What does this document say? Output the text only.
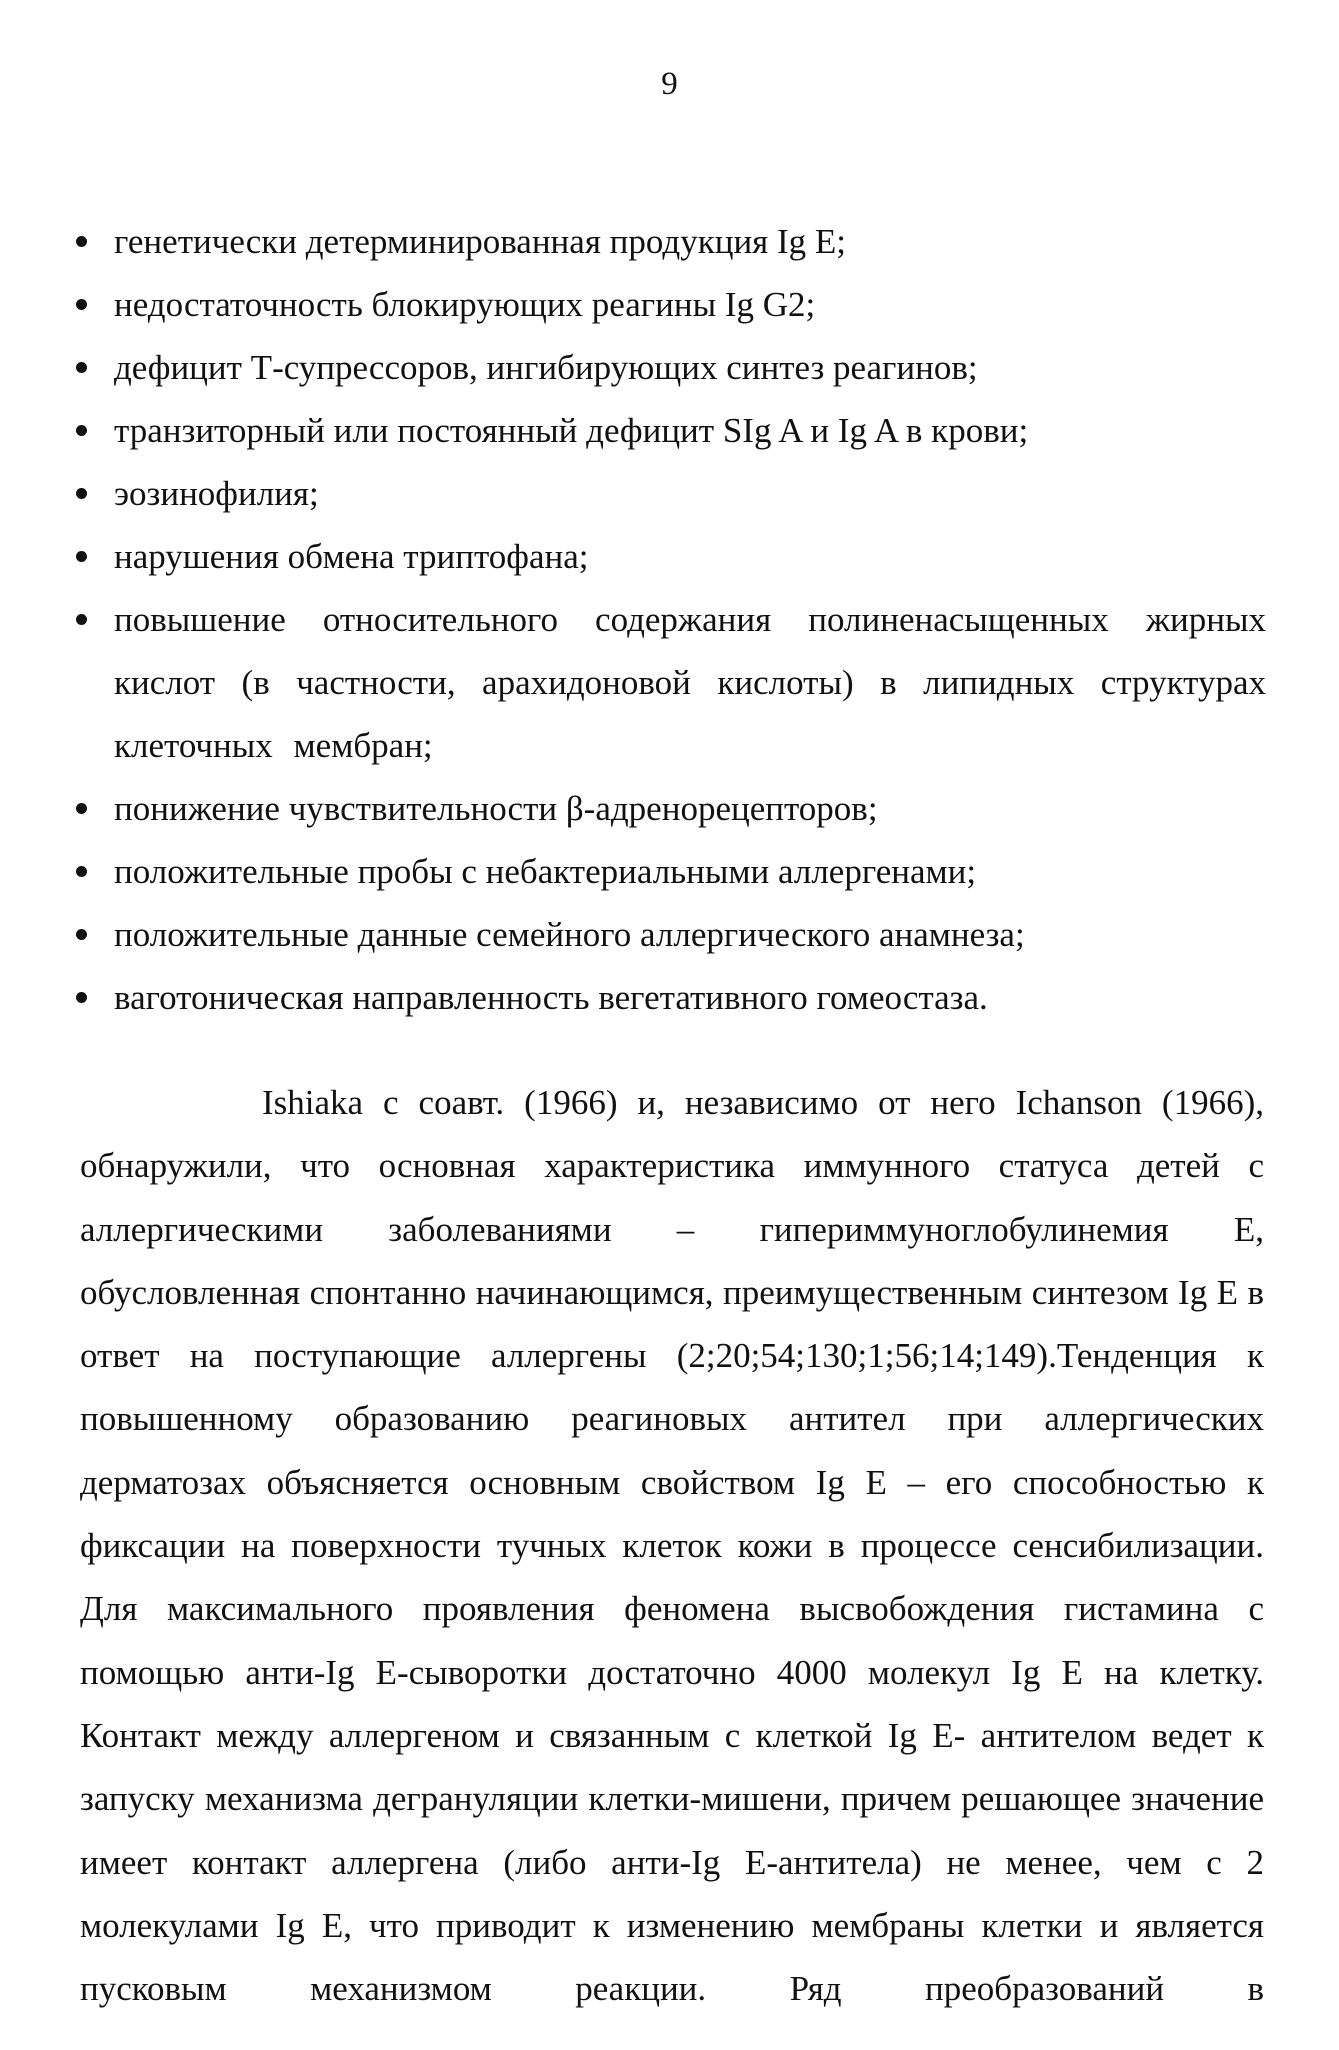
9
генетически детерминированная продукция Ig E;
недостаточность блокирующих реагины Ig G2;
дефицит Т-супрессоров, ингибирующих синтез реагинов;
транзиторный или постоянный дефицит SIg A и Ig A в крови;
эозинофилия;
нарушения обмена триптофана;
повышение относительного содержания полиненасыщенных жирных кислот (в частности, арахидоновой кислоты) в липидных структурах клеточных мембран;
понижение чувствительности β-адренорецепторов;
положительные пробы с небактериальными аллергенами;
положительные данные семейного аллергического анамнеза;
ваготоническая направленность вегетативного гомеостаза.

Ishiaka с соавт. (1966) и, независимо от него Ichanson (1966), обнаружили, что основная характеристика иммунного статуса детей с аллергическими заболеваниями – гипериммуноглобулинемия E, обусловленная спонтанно начинающимся, преимущественным синтезом Ig E в ответ на поступающие аллергены (2;20;54;130;1;56;14;149).Тенденция к повышенному образованию реагиновых антител при аллергических дерматозах объясняется основным свойством Ig E – его способностью к фиксации на поверхности тучных клеток кожи в процессе сенсибилизации. Для максимального проявления феномена высвобождения гистамина с помощью анти-Ig E-сыворотки достаточно 4000 молекул Ig E на клетку. Контакт между аллергеном и связанным с клеткой Ig E- антителом ведет к запуску механизма дегрануляции клетки-мишени, причем решающее значение имеет контакт аллергена (либо анти-Ig E-антитела) не менее, чем с 2 молекулами Ig E, что приводит к изменению мембраны клетки и является пусковым механизмом реакции. Ряд преобразований в
